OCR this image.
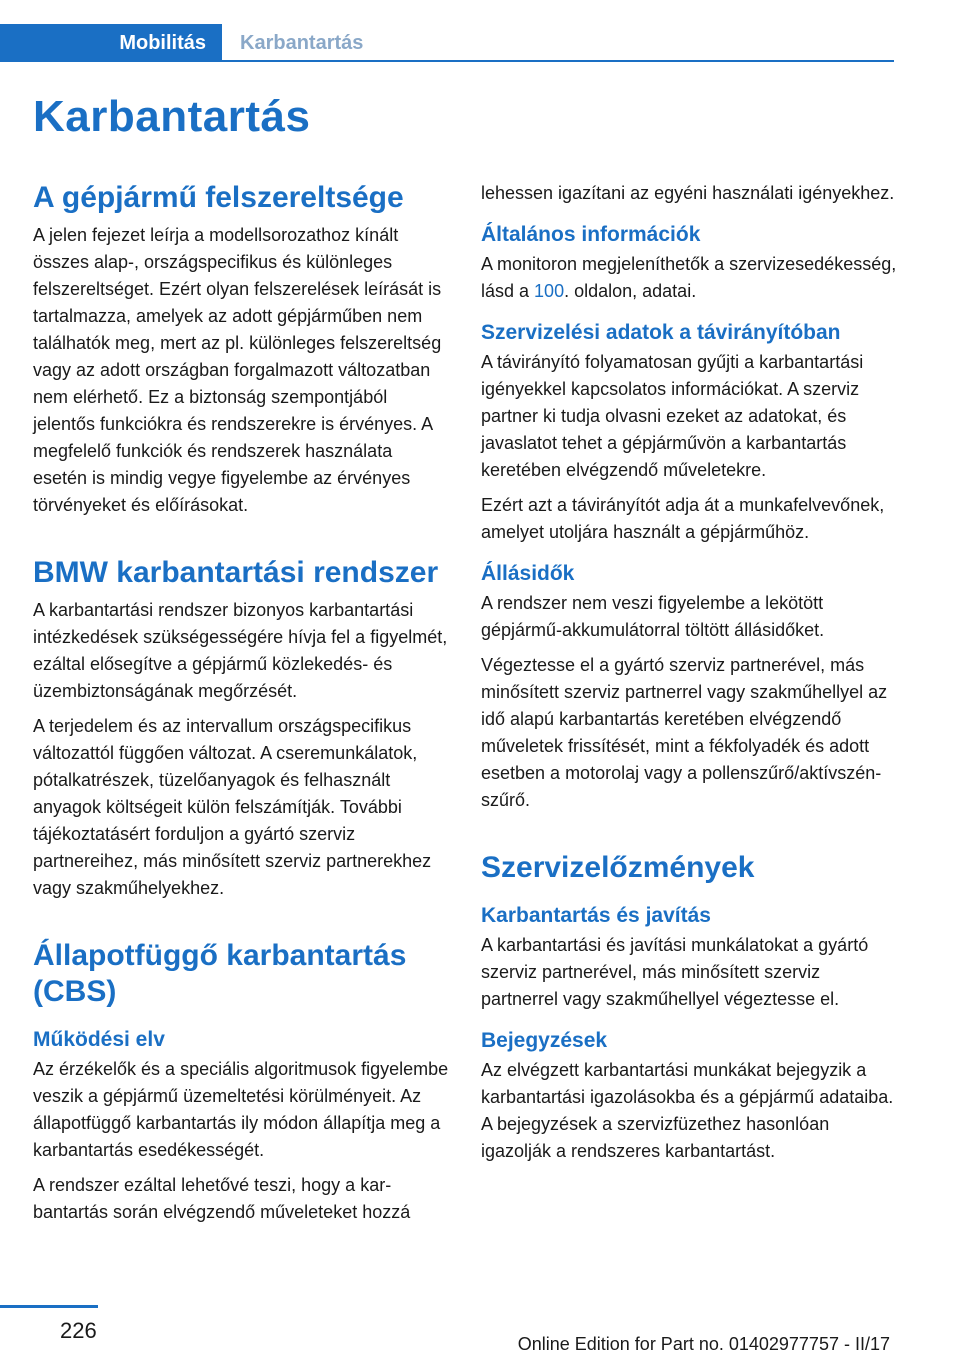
Mobilitás	Karbantartás
Karbantartás
A gépjármű felszereltsége

A jelen fejezet leírja a modellsorozathoz kínált összes alap-, országspecifikus és különleges felszereltséget. Ezért olyan felszerelések leírását is tartalmazza, amelyek az adott gépjárműben nem találhatók meg, mert az pl. különleges felszereltség vagy az adott országban forgalmazott változatban nem elérhető. Ez a biztonság szempontjából jelentős funkciókra és rendszerekre is érvényes. A megfelelő funkciók és rendszerek használata esetén is mindig vegye figyelembe az érvényes törvényeket és előírásokat.

BMW karbantartási rendszer

A karbantartási rendszer bizonyos karbantartási intézkedések szükségességére hívja fel a figyelmét, ezáltal elősegítve a gépjármű közlekedés- és üzembiztonságának megőrzését.

A terjedelem és az intervallum országspecifikus változattól függően változat. A cseremunkálatok, pótalkatrészek, tüzelőanyagok és felhasznált anyagok költségeit külön felszámítják. További tájékoztatásért forduljon a gyártó szerviz partnereihez, más minősített szerviz partnerekhez vagy szakműhelyekhez.

Állapotfüggő karbantartás (CBS)
Működési elv

Az érzékelők és a speciális algoritmusok figyelembe veszik a gépjármű üzemeltetési körülményeit. Az állapotfüggő karbantartás ily módon állapítja meg a karbantartás esedékességét.

A rendszer ezáltal lehetővé teszi, hogy a karbantartás során elvégzendő műveleteket hozzá

lehessen igazítani az egyéni használati igényekhez.

Általános információk

A monitoron megjeleníthetők a szervizesedékesség, lásd a 100. oldalon, adatai.

Szervizelési adatok a távirányítóban

A távirányító folyamatosan gyűjti a karbantartási igényekkel kapcsolatos információkat. A szerviz partner ki tudja olvasni ezeket az adatokat, és javaslatot tehet a gépjárművön a karbantartás keretében elvégzendő műveletekre.

Ezért azt a távirányítót adja át a munkafelvevőnek, amelyet utoljára használt a gépjárműhöz.

Állásidők

A rendszer nem veszi figyelembe a lekötött gépjármű-akkumulátorral töltött állásidőket.

Végeztesse el a gyártó szerviz partnerével, más minősített szerviz partnerrel vagy szakműhellyel az idő alapú karbantartás keretében elvégzendő műveletek frissítését, mint a fékfolyadék és adott esetben a motorolaj vagy a pollenszűrő/aktívszén-szűrő.

Szervizelőzmények
Karbantartás és javítás

A karbantartási és javítási munkálatokat a gyártó szerviz partnerével, más minősített szerviz partnerrel vagy szakműhellyel végeztesse el.

Bejegyzések

Az elvégzett karbantartási munkákat bejegyzik a karbantartási igazolásokba és a gépjármű adataiba. A bejegyzések a szervizfüzethez hasonlóan igazolják a rendszeres karbantartást.

226
Online Edition for Part no. 01402977757 - II/17
